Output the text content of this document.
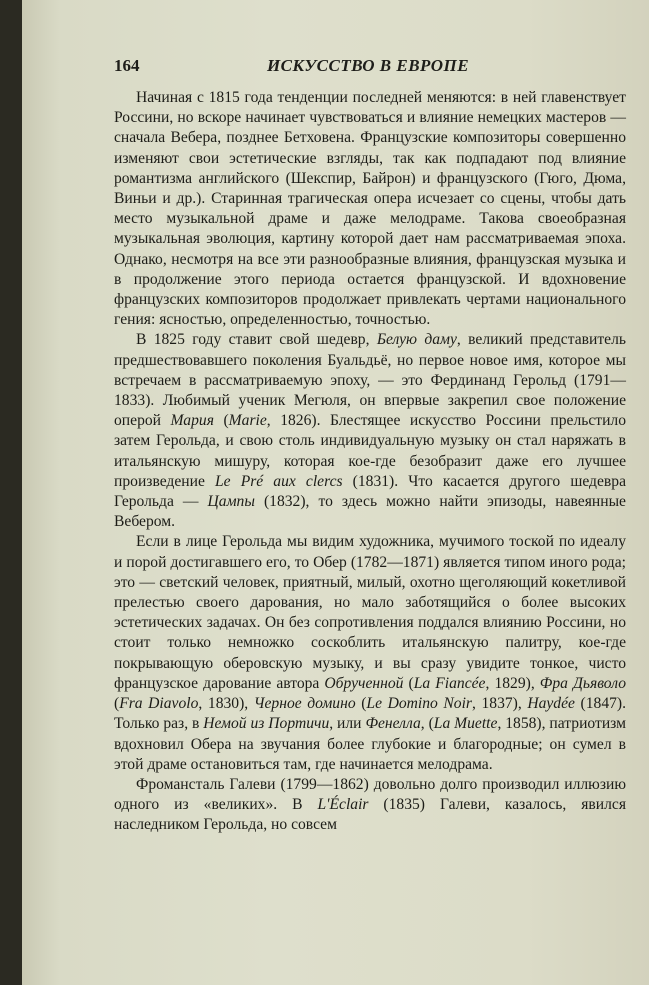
164	ИСКУССТВО В ЕВРОПЕ

Начиная с 1815 года тенденции последней меняются: в ней главенствует Россини, но вскоре начинает чувствоваться и влияние немецких мастеров — сначала Вебера, позднее Бетховена. Французские композиторы совершенно изменяют свои эстетические взгляды, так как подпадают под влияние романтизма английского (Шекспир, Байрон) и французского (Гюго, Дюма, Виньи и др.). Старинная трагическая опера исчезает со сцены, чтобы дать место музыкальной драме и даже мелодраме. Такова своеобразная музыкальная эволюция, картину которой дает нам рассматриваемая эпоха. Однако, несмотря на все эти разнообразные влияния, французская музыка и в продолжение этого периода остается французской. И вдохновение французских композиторов продолжает привлекать чертами национального гения: ясностью, определенностью, точностью.

В 1825 году ставит свой шедевр, Белую даму, великий представитель предшествовавшего поколения Буальдьё, но первое новое имя, которое мы встречаем в рассматриваемую эпоху, — это Фердинанд Герольд (1791—1833). Любимый ученик Мегюля, он впервые закрепил свое положение оперой Мария (Marie, 1826). Блестящее искусство Россини прельстило затем Герольда, и свою столь индивидуальную музыку он стал наряжать в итальянскую мишуру, которая кое-где безобразит даже его лучшее произведение Le Pré aux clercs (1831). Что касается другого шедевра Герольда — Цампы (1832), то здесь можно найти эпизоды, навеянные Вебером.

Если в лице Герольда мы видим художника, мучимого тоской по идеалу и порой достигавшего его, то Обер (1782—1871) является типом иного рода; это — светский человек, приятный, милый, охотно щеголяющий кокетливой прелестью своего дарования, но мало заботящийся о более высоких эстетических задачах. Он без сопротивления поддался влиянию Россини, но стоит только немножко соскоблить итальянскую палитру, кое-где покрывающую оберовскую музыку, и вы сразу увидите тонкое, чисто французское дарование автора Обрученной (La Fiancée, 1829), Фра Дьяволо (Fra Diavolo, 1830), Черное домино (Le Domino Noir, 1837), Haydée (1847). Только раз, в Немой из Портичи, или Фенелла, (La Muette, 1858), патриотизм вдохновил Обера на звучания более глубокие и благородные; он сумел в этой драме остановиться там, где начинается мелодрама.

Фромансталь Галеви (1799—1862) довольно долго производил иллюзию одного из «великих». В L'Éclair (1835) Галеви, казалось, явился наследником Герольда, но совсем
